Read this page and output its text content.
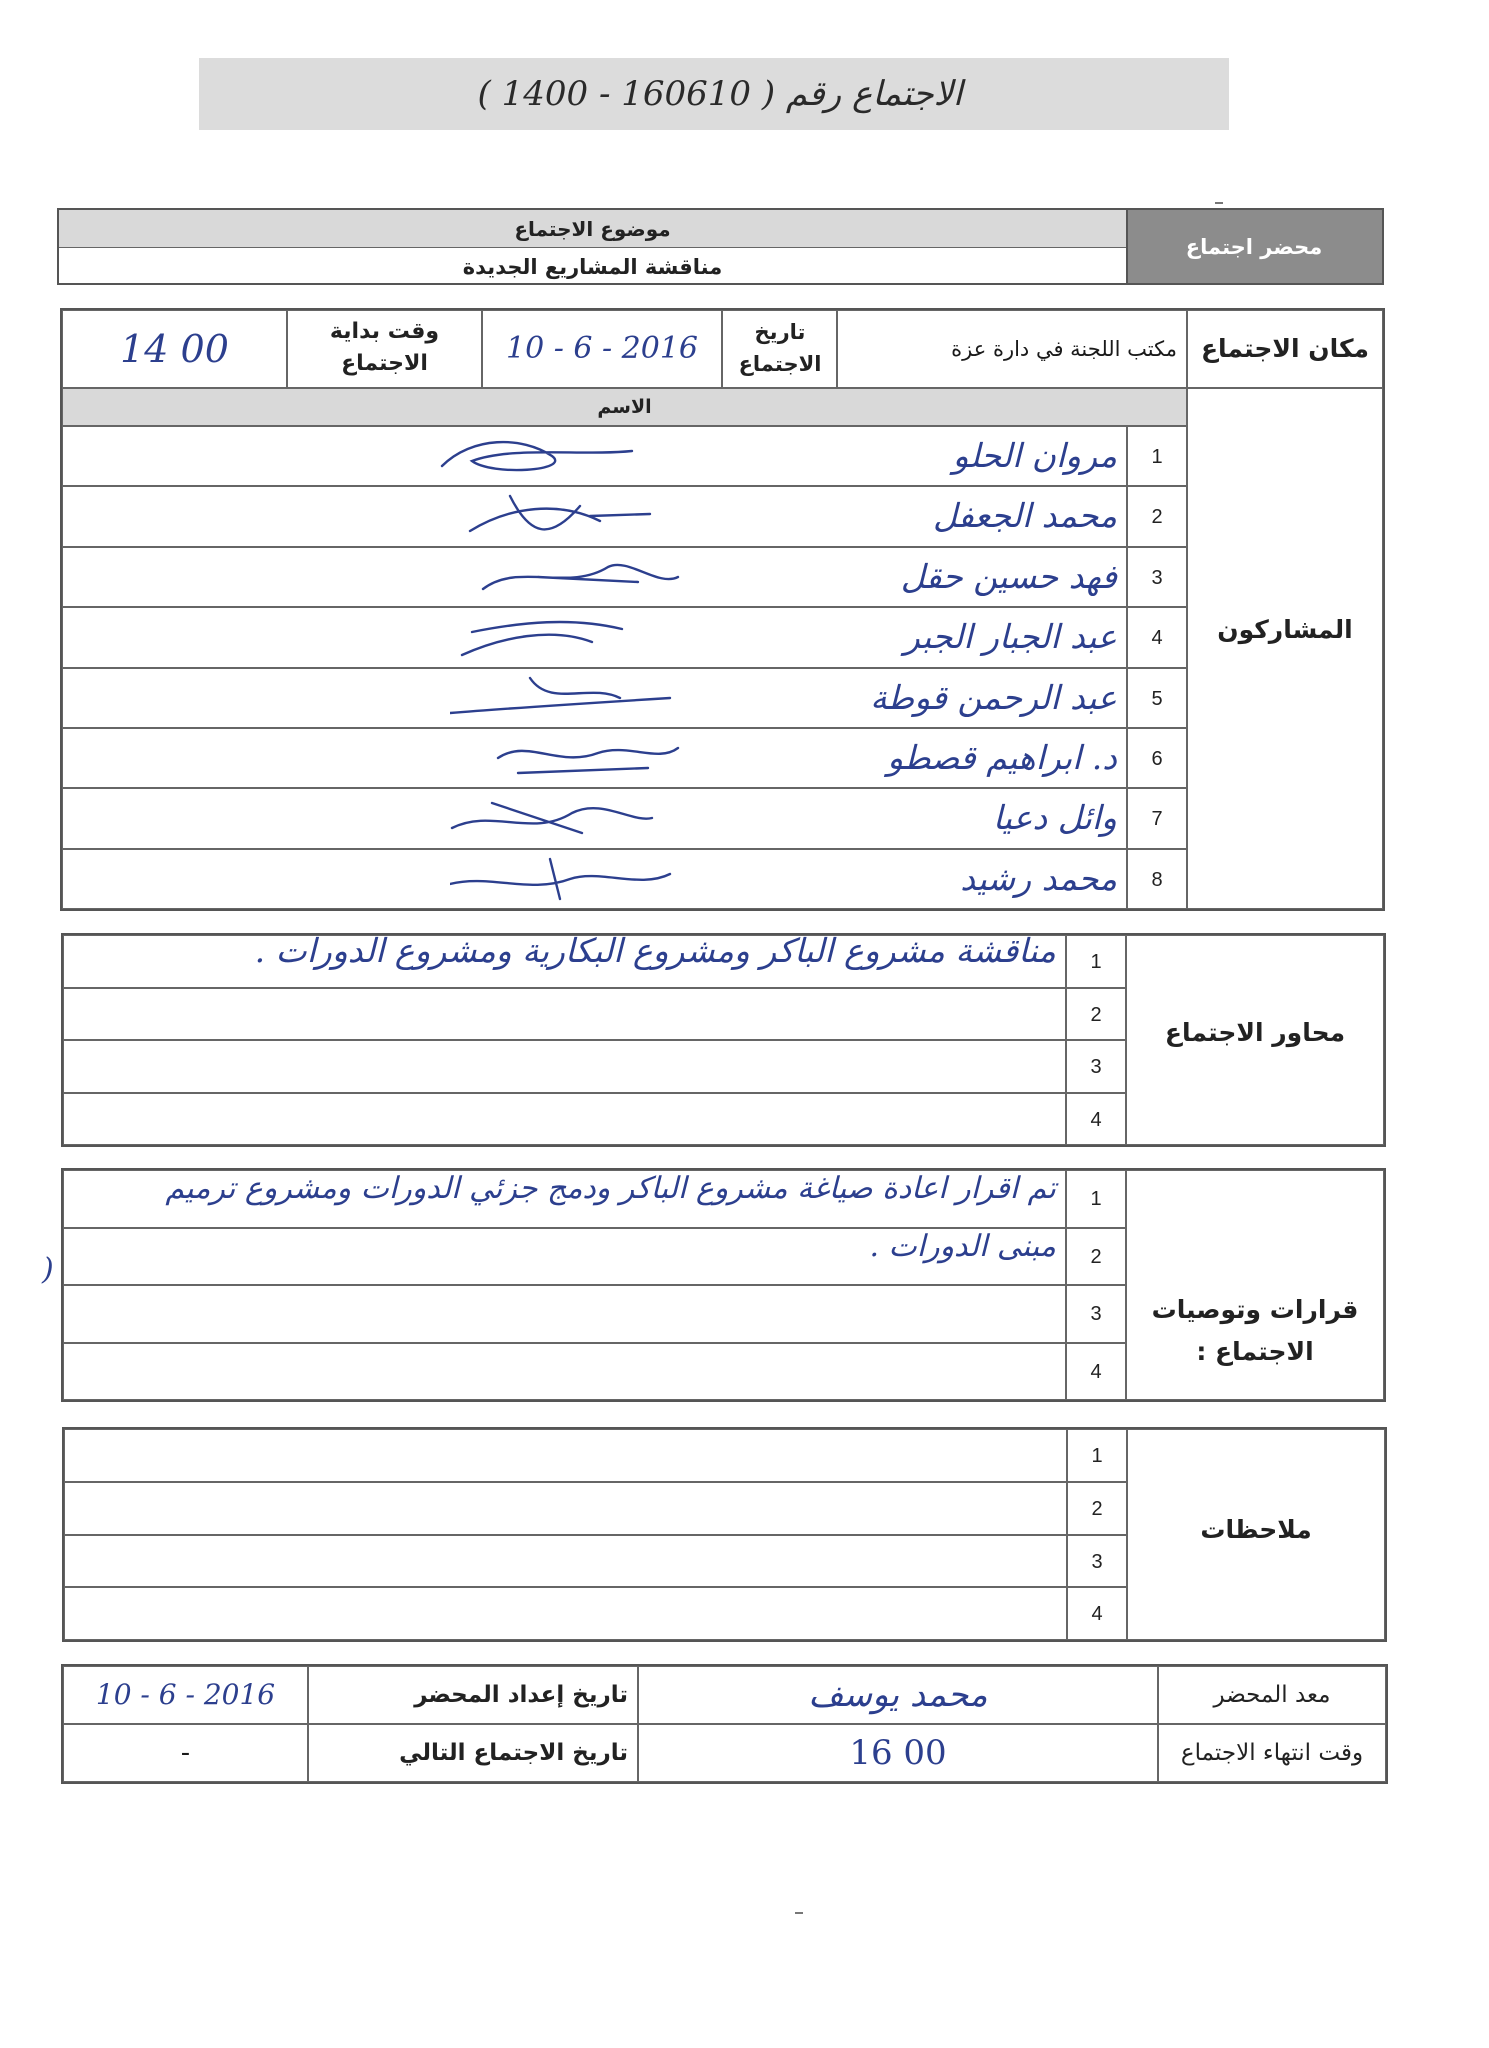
الاجتماع رقم ( 160610 - 1400 )
موضوع الاجتماع
مناقشة المشاريع الجديدة
محضر اجتماع
14 00	وقت بداية الاجتماع	10 - 6 - 2016	تاريخ الاجتماع
مكتب اللجنة في دارة عزة مكان الاجتماع
الاسم
المشاركون
1
مروان الحلو
2
محمد الجعفل
3
فهد حسين حقل
4
عبد الجبار الجبر
5
عبد الرحمن قوطة
6
د. ابراهيم قصطو
7
وائل دعيا
8
محمد رشيد
محاور الاجتماع
1
مناقشة مشروع الباكر ومشروع البكارية ومشروع الدورات .
2
3
4
قرارات وتوصيات
الاجتماع :
1
تم اقرار اعادة صياغة مشروع الباكر ودمج جزئي الدورات ومشروع ترميم
2
مبنى الدورات .
3
4
)
ملاحظات
1
2
3
4
10 - 6 - 2016	تاريخ إعداد المحضر	محمد يوسف	معد المحضر
-	تاريخ الاجتماع التالي	16 00	وقت انتهاء الاجتماع
